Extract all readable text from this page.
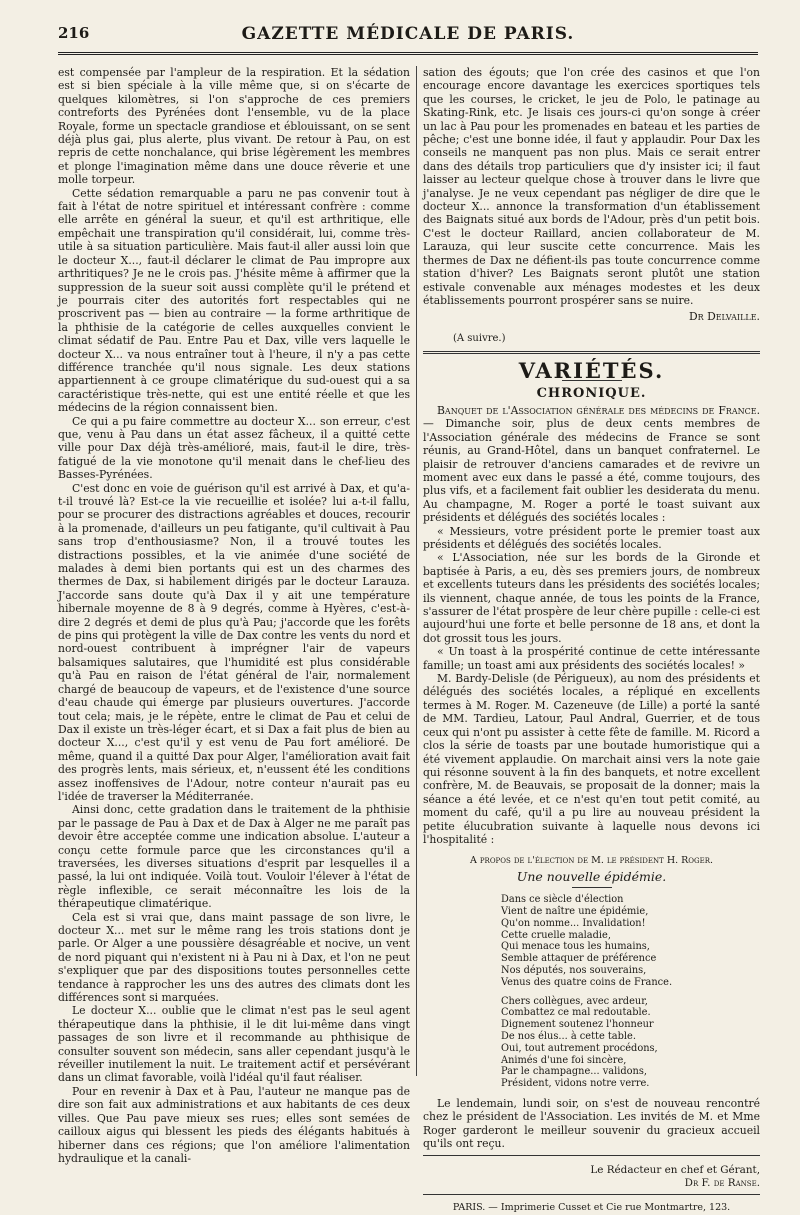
216	GAZETTE MÉDICALE DE PARIS.

est compensée par l'ampleur de la respiration. Et la sédation est si bien spéciale à la ville même que, si on s'écarte de quelques kilomètres, si l'on s'approche de ces premiers contreforts des Pyrénées dont l'ensemble, vu de la place Royale, forme un spectacle grandiose et éblouissant, on se sent déjà plus gai, plus alerte, plus vivant. De retour à Pau, on est repris de cette nonchalance, qui brise légèrement les membres et plonge l'imagination même dans une douce rêverie et une molle torpeur.

Cette sédation remarquable a paru ne pas convenir tout à fait à l'état de notre spirituel et intéressant confrère : comme elle arrête en général la sueur, et qu'il est arthritique, elle empêchait une transpiration qu'il considérait, lui, comme très-utile à sa situation particulière. Mais faut-il aller aussi loin que le docteur X..., faut-il déclarer le climat de Pau impropre aux arthritiques? Je ne le crois pas. J'hésite même à affirmer que la suppression de la sueur soit aussi complète qu'il le prétend et je pourrais citer des autorités fort respectables qui ne proscrivent pas — bien au contraire — la forme arthritique de la phthisie de la catégorie de celles auxquelles convient le climat sédatif de Pau. Entre Pau et Dax, ville vers laquelle le docteur X... va nous entraîner tout à l'heure, il n'y a pas cette différence tranchée qu'il nous signale. Les deux stations appartiennent à ce groupe climatérique du sud-ouest qui a sa caractéristique très-nette, qui est une entité réelle et que les médecins de la région connaissent bien.

Ce qui a pu faire commettre au docteur X... son erreur, c'est que, venu à Pau dans un état assez fâcheux, il a quitté cette ville pour Dax déjà très-amélioré, mais, faut-il le dire, très-fatigué de la vie monotone qu'il menait dans le chef-lieu des Basses-Pyrénées.

C'est donc en voie de guérison qu'il est arrivé à Dax, et qu'a-t-il trouvé là? Est-ce la vie recueillie et isolée? lui a-t-il fallu, pour se procurer des distractions agréables et douces, recourir à la promenade, d'ailleurs un peu fatigante, qu'il cultivait à Pau sans trop d'enthousiasme? Non, il a trouvé toutes les distractions possibles, et la vie animée d'une société de malades à demi bien portants qui est un des charmes des thermes de Dax, si habilement dirigés par le docteur Larauza. J'accorde sans doute qu'à Dax il y ait une température hibernale moyenne de 8 à 9 degrés, comme à Hyères, c'est-à-dire 2 degrés et demi de plus qu'à Pau; j'accorde que les forêts de pins qui protègent la ville de Dax contre les vents du nord et nord-ouest contribuent à imprégner l'air de vapeurs balsamiques salutaires, que l'humidité est plus considérable qu'à Pau en raison de l'état général de l'air, normalement chargé de beaucoup de vapeurs, et de l'existence d'une source d'eau chaude qui émerge par plusieurs ouvertures. J'accorde tout cela; mais, je le répète, entre le climat de Pau et celui de Dax il existe un très-léger écart, et si Dax a fait plus de bien au docteur X..., c'est qu'il y est venu de Pau fort amélioré. De même, quand il a quitté Dax pour Alger, l'amélioration avait fait des progrès lents, mais sérieux, et, n'eussent été les conditions assez inoffensives de l'Adour, notre conteur n'aurait pas eu l'idée de traverser la Méditerranée.

Ainsi donc, cette gradation dans le traitement de la phthisie par le passage de Pau à Dax et de Dax à Alger ne me paraît pas devoir être acceptée comme une indication absolue. L'auteur a conçu cette formule parce que les circonstances qu'il a traversées, les diverses situations d'esprit par lesquelles il a passé, la lui ont indiquée. Voilà tout. Vouloir l'élever à l'état de règle inflexible, ce serait méconnaître les lois de la thérapeutique climatérique.

Cela est si vrai que, dans maint passage de son livre, le docteur X... met sur le même rang les trois stations dont je parle. Or Alger a une poussière désagréable et nocive, un vent de nord piquant qui n'existent ni à Pau ni à Dax, et l'on ne peut s'expliquer que par des dispositions toutes personnelles cette tendance à rapprocher les uns des autres des climats dont les différences sont si marquées.

Le docteur X... oublie que le climat n'est pas le seul agent thérapeutique dans la phthisie, il le dit lui-même dans vingt passages de son livre et il recommande au phthisique de consulter souvent son médecin, sans aller cependant jusqu'à le réveiller inutilement la nuit. Le traitement actif et persévérant dans un climat favorable, voilà l'idéal qu'il faut réaliser.

Pour en revenir à Dax et à Pau, l'auteur ne manque pas de dire son fait aux administrations et aux habitants de ces deux villes. Que Pau pave mieux ses rues; elles sont semées de cailloux aigus qui blessent les pieds des élégants habitués à hiberner dans ces régions; que l'on améliore l'alimentation hydraulique et la canali-

sation des égouts; que l'on crée des casinos et que l'on encourage encore davantage les exercices sportiques tels que les courses, le cricket, le jeu de Polo, le patinage au Skating-Rink, etc. Je lisais ces jours-ci qu'on songe à créer un lac à Pau pour les promenades en bateau et les parties de pêche; c'est une bonne idée, il faut y applaudir. Pour Dax les conseils ne manquent pas non plus. Mais ce serait entrer dans des détails trop particuliers que d'y insister ici; il faut laisser au lecteur quelque chose à trouver dans le livre que j'analyse. Je ne veux cependant pas négliger de dire que le docteur X... annonce la transformation d'un établissement des Baignats situé aux bords de l'Adour, près d'un petit bois. C'est le docteur Raillard, ancien collaborateur de M. Larauza, qui leur suscite cette concurrence. Mais les thermes de Dax ne défient-ils pas toute concurrence comme station d'hiver? Les Baignats seront plutôt une station estivale convenable aux ménages modestes et les deux établissements pourront prospérer sans se nuire.

Dr Delvaille.

(A suivre.)

VARIÉTÉS.
CHRONIQUE.

Banquet de l'Association générale des médecins de France. — Dimanche soir, plus de deux cents membres de l'Association générale des médecins de France se sont réunis, au Grand-Hôtel, dans un banquet confraternel. Le plaisir de retrouver d'anciens camarades et de revivre un moment avec eux dans le passé a été, comme toujours, des plus vifs, et a facilement fait oublier les desiderata du menu. Au champagne, M. Roger a porté le toast suivant aux présidents et délégués des sociétés locales :

« Messieurs, votre président porte le premier toast aux présidents et délégués des sociétés locales.

« L'Association, née sur les bords de la Gironde et baptisée à Paris, a eu, dès ses premiers jours, de nombreux et excellents tuteurs dans les présidents des sociétés locales; ils viennent, chaque année, de tous les points de la France, s'assurer de l'état prospère de leur chère pupille : celle-ci est aujourd'hui une forte et belle personne de 18 ans, et dont la dot grossit tous les jours.

« Un toast à la prospérité continue de cette intéressante famille; un toast ami aux présidents des sociétés locales! »

M. Bardy-Delisle (de Périgueux), au nom des présidents et délégués des sociétés locales, a répliqué en excellents termes à M. Roger. M. Cazeneuve (de Lille) a porté la santé de MM. Tardieu, Latour, Paul Andral, Guerrier, et de tous ceux qui n'ont pu assister à cette fête de famille. M. Ricord a clos la série de toasts par une boutade humoristique qui a été vivement applaudie. On marchait ainsi vers la note gaie qui résonne souvent à la fin des banquets, et notre excellent confrère, M. de Beauvais, se proposait de la donner; mais la séance a été levée, et ce n'est qu'en tout petit comité, au moment du café, qu'il a pu lire au nouveau président la petite élucubration suivante à laquelle nous devons ici l'hospitalité :

A propos de l'élection de M. le président H. Roger.
Une nouvelle épidémie.
Dans ce siècle d'élection
Vient de naître une épidémie,
Qu'on nomme... Invalidation!
Cette cruelle maladie,
Qui menace tous les humains,
Semble attaquer de préférence
Nos députés, nos souverains,
Venus des quatre coins de France.
Chers collègues, avec ardeur,
Combattez ce mal redoutable.
Dignement soutenez l'honneur
De nos élus... à cette table.
Oui, tout autrement procédons,
Animés d'une foi sincère,
Par le champagne... validons,
Président, vidons notre verre.

Le lendemain, lundi soir, on s'est de nouveau rencontré chez le président de l'Association. Les invités de M. et Mme Roger garderont le meilleur souvenir du gracieux accueil qu'ils ont reçu.

Le Rédacteur en chef et Gérant,

Dr F. de Ranse.

PARIS. — Imprimerie Cusset et Cie rue Montmartre, 123.
